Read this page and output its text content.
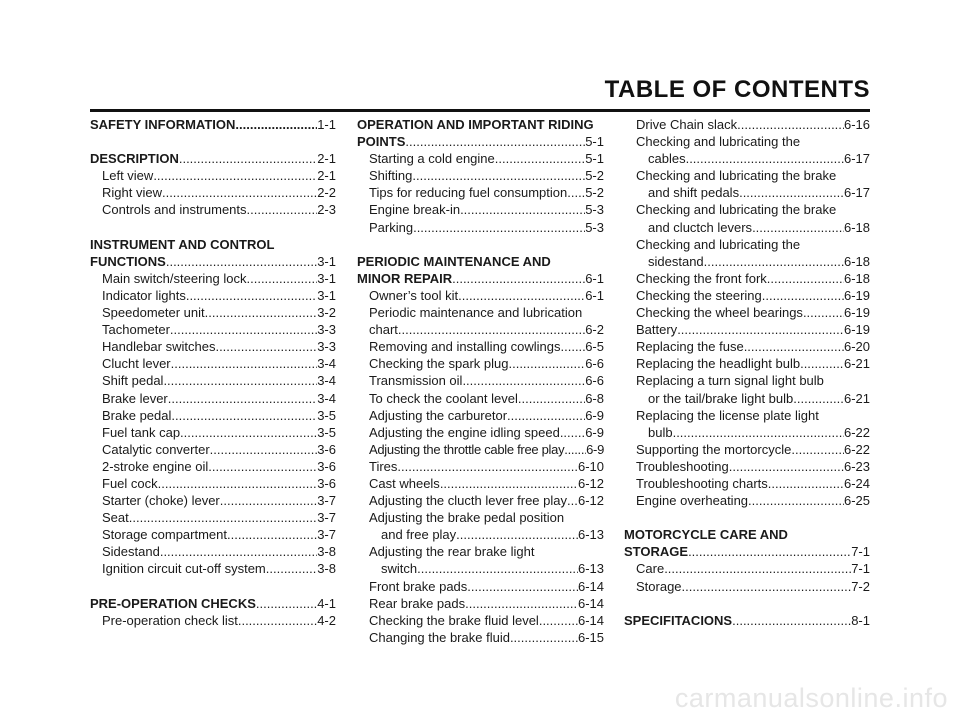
TABLE OF CONTENTS
SAFETY INFORMATION .....	1-1
DESCRIPTION .....	2-1
Left view .....	2-1
Right view .....	2-2
Controls and instruments .....	2-3
INSTRUMENT AND CONTROL
FUNCTIONS .....	3-1
Main switch/steering lock .....	3-1
Indicator lights .....	3-1
Speedometer unit .....	3-2
Tachometer .....	3-3
Handlebar switches .....	3-3
Clucht lever .....	3-4
Shift pedal .....	3-4
Brake lever .....	3-4
Brake pedal .....	3-5
Fuel tank cap .....	3-5
Catalytic converter .....	3-6
2-stroke engine oil .....	3-6
Fuel cock .....	3-6
Starter (choke) lever .....	3-7
Seat .....	3-7
Storage compartment .....	3-7
Sidestand .....	3-8
Ignition circuit cut-off system .....	3-8
PRE-OPERATION CHECKS .....	4-1
Pre-operation check list .....	4-2
OPERATION AND IMPORTANT RIDING
POINTS .....	5-1
Starting a cold engine .....	5-1
Shifting .....	5-2
Tips for reducing fuel consumption ..... 5-2
Engine break-in .....	5-3
Parking .....	5-3
PERIODIC MAINTENANCE AND
MINOR REPAIR .....	6-1
Owner’s tool kit .....	6-1
Periodic maintenance and lubrication
chart .....	6-2
Removing and installing cowlings ..... 6-5
Checking the spark plug .....	6-6
Transmission oil .....	6-6
To check the coolant level .....	6-8
Adjusting the carburetor .....	6-9
Adjusting the engine idling speed ..... 6-9
Adjusting the throttle cable free play ..... 6-9
Tires .....	6-10
Cast wheels .....	6-12
Adjusting the clucth lever free play ..... 6-12
Adjusting the brake pedal position
and free play .....	6-13
Adjusting the rear brake light
switch .....	6-13
Front brake pads .....	6-14
Rear brake pads .....	6-14
Checking the brake fluid level .....	6-14
Changing the brake fluid .....	6-15
Drive Chain slack .....	6-16
Checking and lubricating the
cables .....	6-17
Checking and lubricating the brake
and shift pedals .....	6-17
Checking and lubricating the brake
and cluctch levers .....	6-18
Checking and lubricating the
sidestand .....	6-18
Checking the front fork .....	6-18
Checking the steering .....	6-19
Checking the wheel bearings .....	6-19
Battery .....	6-19
Replacing the fuse .....	6-20
Replacing the headlight bulb .....	6-21
Replacing a turn signal light bulb
or the tail/brake light bulb .....	6-21
Replacing the license plate light
bulb .....	6-22
Supporting the mortorcycle .....	6-22
Troubleshooting .....	6-23
Troubleshooting charts .....	6-24
Engine overheating .....	6-25
MOTORCYCLE CARE AND
STORAGE .....	7-1
Care .....	7-1
Storage .....	7-2
SPECIFITACIONS .....	8-1
carmanualsonline.info
